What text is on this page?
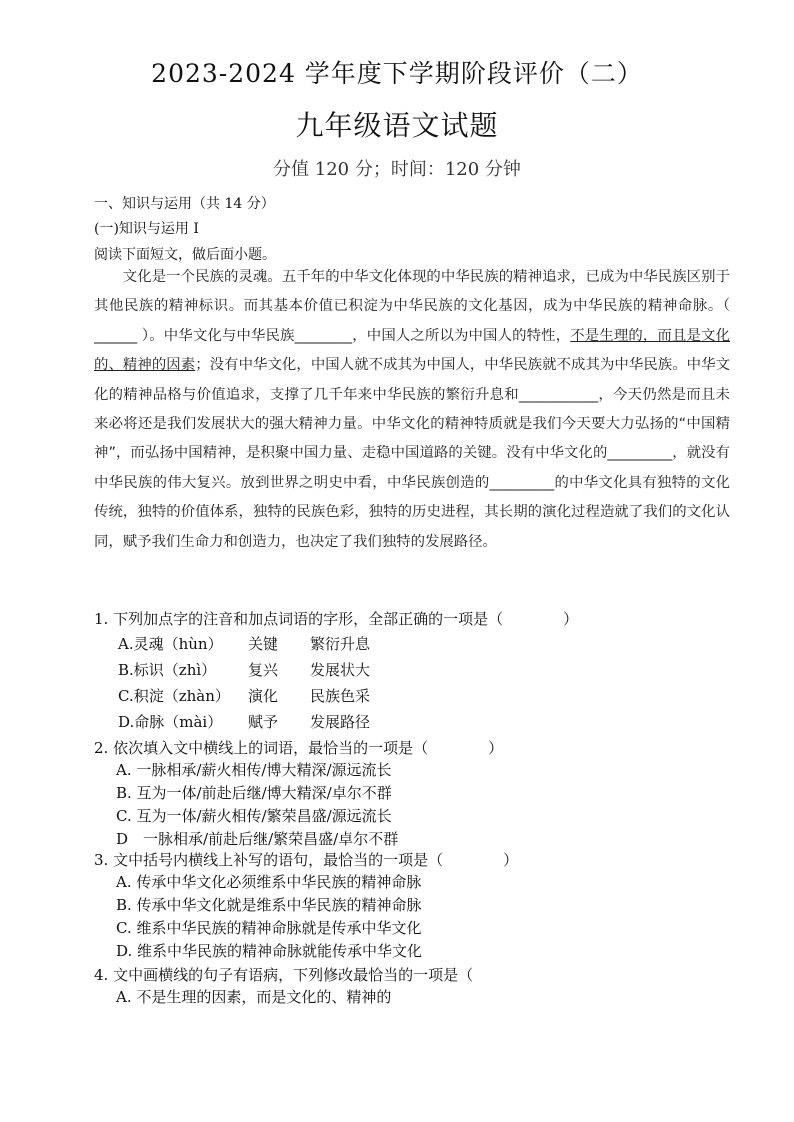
2023-2024 学年度下学期阶段评价（二）
九年级语文试题
分值 120 分；时间：120 分钟
一、知识与运用（共 14 分）
(一)知识与运用 I
阅读下面短文，做后面小题。

文化是一个民族的灵魂。五千年的中华文化体现的中华民族的精神追求，已成为中华民族区别于其他民族的精神标识。而其基本价值已积淀为中华民族的文化基因，成为中华民族的精神命脉。（ ______ ）。中华文化与中华民族________，中国人之所以为中国人的特性，不是生理的，而且是文化的、精神的因素；没有中华文化，中国人就不成其为中国人，中华民族就不成其为中华民族。中华文化的精神品格与价值追求，支撑了几千年来中华民族的繁衍升息和___________，今天仍然是而且未来必将还是我们发展状大的强大精神力量。中华文化的精神特质就是我们今天要大力弘扬的“中国精神”，而弘扬中国精神，是积聚中国力量、走稳中国道路的关键。没有中华文化的_________，就没有中华民族的伟大复兴。放到世界之明史中看，中华民族创造的_________的中华文化具有独特的文化传统，独特的价值体系，独特的民族色彩，独特的历史进程，其长期的演化过程造就了我们的文化认同，赋予我们生命力和创造力，也决定了我们独特的发展路径。

1. 下列加点字的注音和加点词语的字形，全部正确的一项是（　　　　）
A.灵魂（hùn） 关键 繁衍升息
B.标识（zhì） 复兴 发展状大
C.积淀（zhàn） 演化 民族色采
D.命脉（mài） 赋予 发展路径
2. 依次填入文中横线上的词语，最恰当的一项是（　　　　）
A. 一脉相承/薪火相传/博大精深/源远流长
B. 互为一体/前赴后继/博大精深/卓尔不群
C. 互为一体/薪火相传/繁荣昌盛/源远流长
D　一脉相承/前赴后继/繁荣昌盛/卓尔不群
3. 文中括号内横线上补写的语句，最恰当的一项是（　　　　）
A. 传承中华文化必须维系中华民族的精神命脉
B. 传承中华文化就是维系中华民族的精神命脉
C. 维系中华民族的精神命脉就是传承中华文化
D. 维系中华民族的精神命脉就能传承中华文化
4. 文中画横线的句子有语病，下列修改最恰当的一项是（
A. 不是生理的因素，而是文化的、精神的
